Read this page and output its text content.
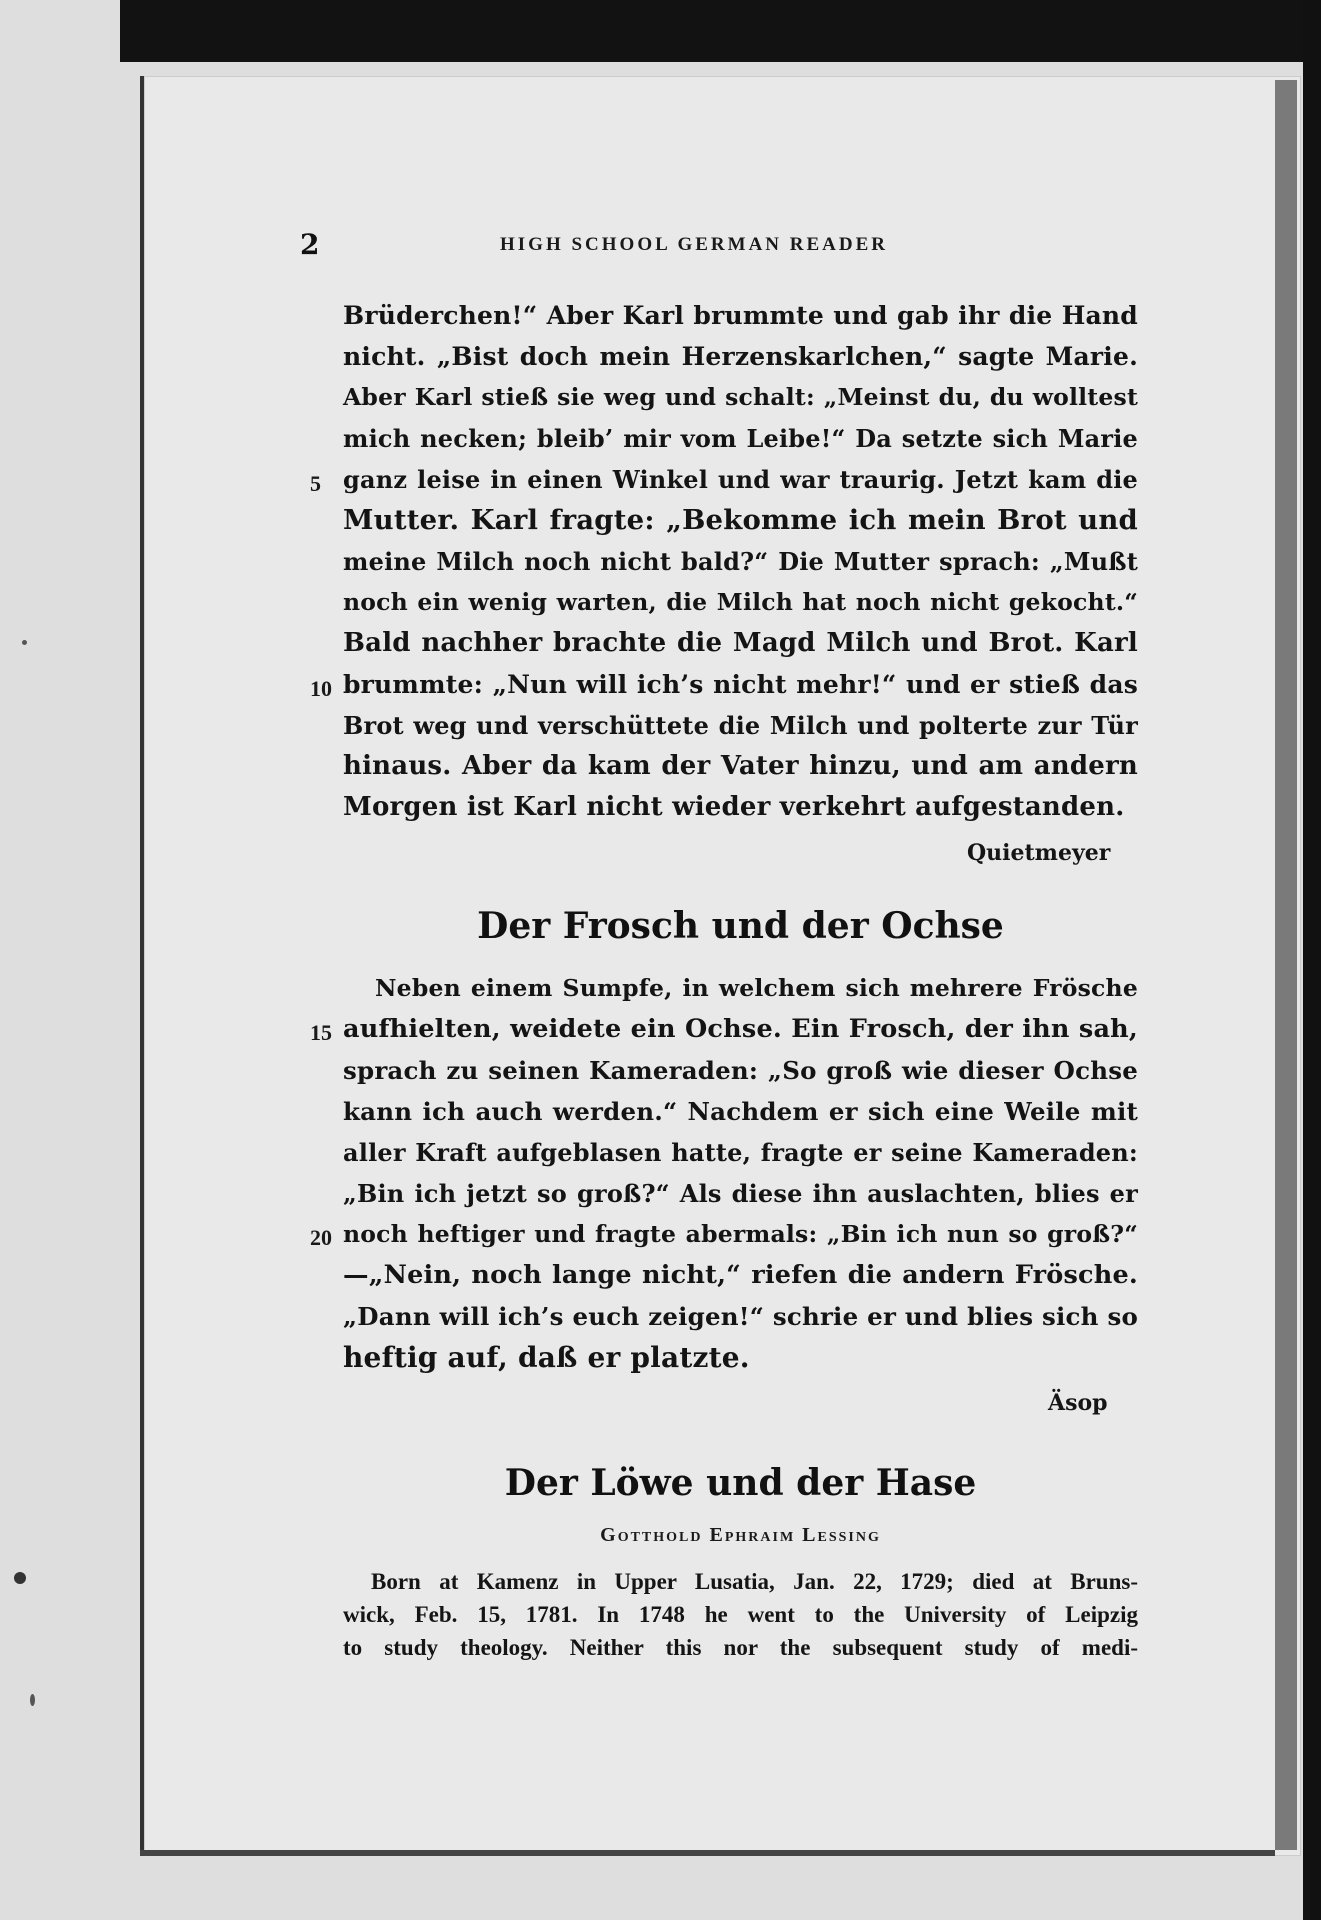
2	HIGH SCHOOL GERMAN READER
Brüderchen!“ Aber Karl brummte und gab ihr die Hand
nicht. „Bist doch mein Herzenskarlchen,“ sagte Marie.
Aber Karl stieß sie weg und schalt: „Meinst du, du wolltest
mich necken; bleib’ mir vom Leibe!“ Da setzte sich Marie
ganz leise in einen Winkel und war traurig. Jetzt kam die
Mutter. Karl fragte: „Bekomme ich mein Brot und
meine Milch noch nicht bald?“ Die Mutter sprach: „Mußt
noch ein wenig warten, die Milch hat noch nicht gekocht.“
Bald nachher brachte die Magd Milch und Brot. Karl
brummte: „Nun will ich’s nicht mehr!“ und er stieß das
Brot weg und verschüttete die Milch und polterte zur Tür
hinaus. Aber da kam der Vater hinzu, und am andern
Morgen ist Karl nicht wieder verkehrt aufgestanden.
5
10
Quietmeyer
Der Frosch und der Ochse
Neben einem Sumpfe, in welchem sich mehrere Frösche
aufhielten, weidete ein Ochse. Ein Frosch, der ihn sah,
sprach zu seinen Kameraden: „So groß wie dieser Ochse
kann ich auch werden.“ Nachdem er sich eine Weile mit
aller Kraft aufgeblasen hatte, fragte er seine Kameraden:
„Bin ich jetzt so groß?“ Als diese ihn auslachten, blies er
noch heftiger und fragte abermals: „Bin ich nun so groß?“
—„Nein, noch lange nicht,“ riefen die andern Frösche.
„Dann will ich’s euch zeigen!“ schrie er und blies sich so
heftig auf, daß er platzte.
15
20
Äsop
Der Löwe und der Hase
Gotthold Ephraim Lessing
Born at Kamenz in Upper Lusatia, Jan. 22, 1729; died at Bruns-
wick, Feb. 15, 1781. In 1748 he went to the University of Leipzig
to study theology. Neither this nor the subsequent study of medi-
